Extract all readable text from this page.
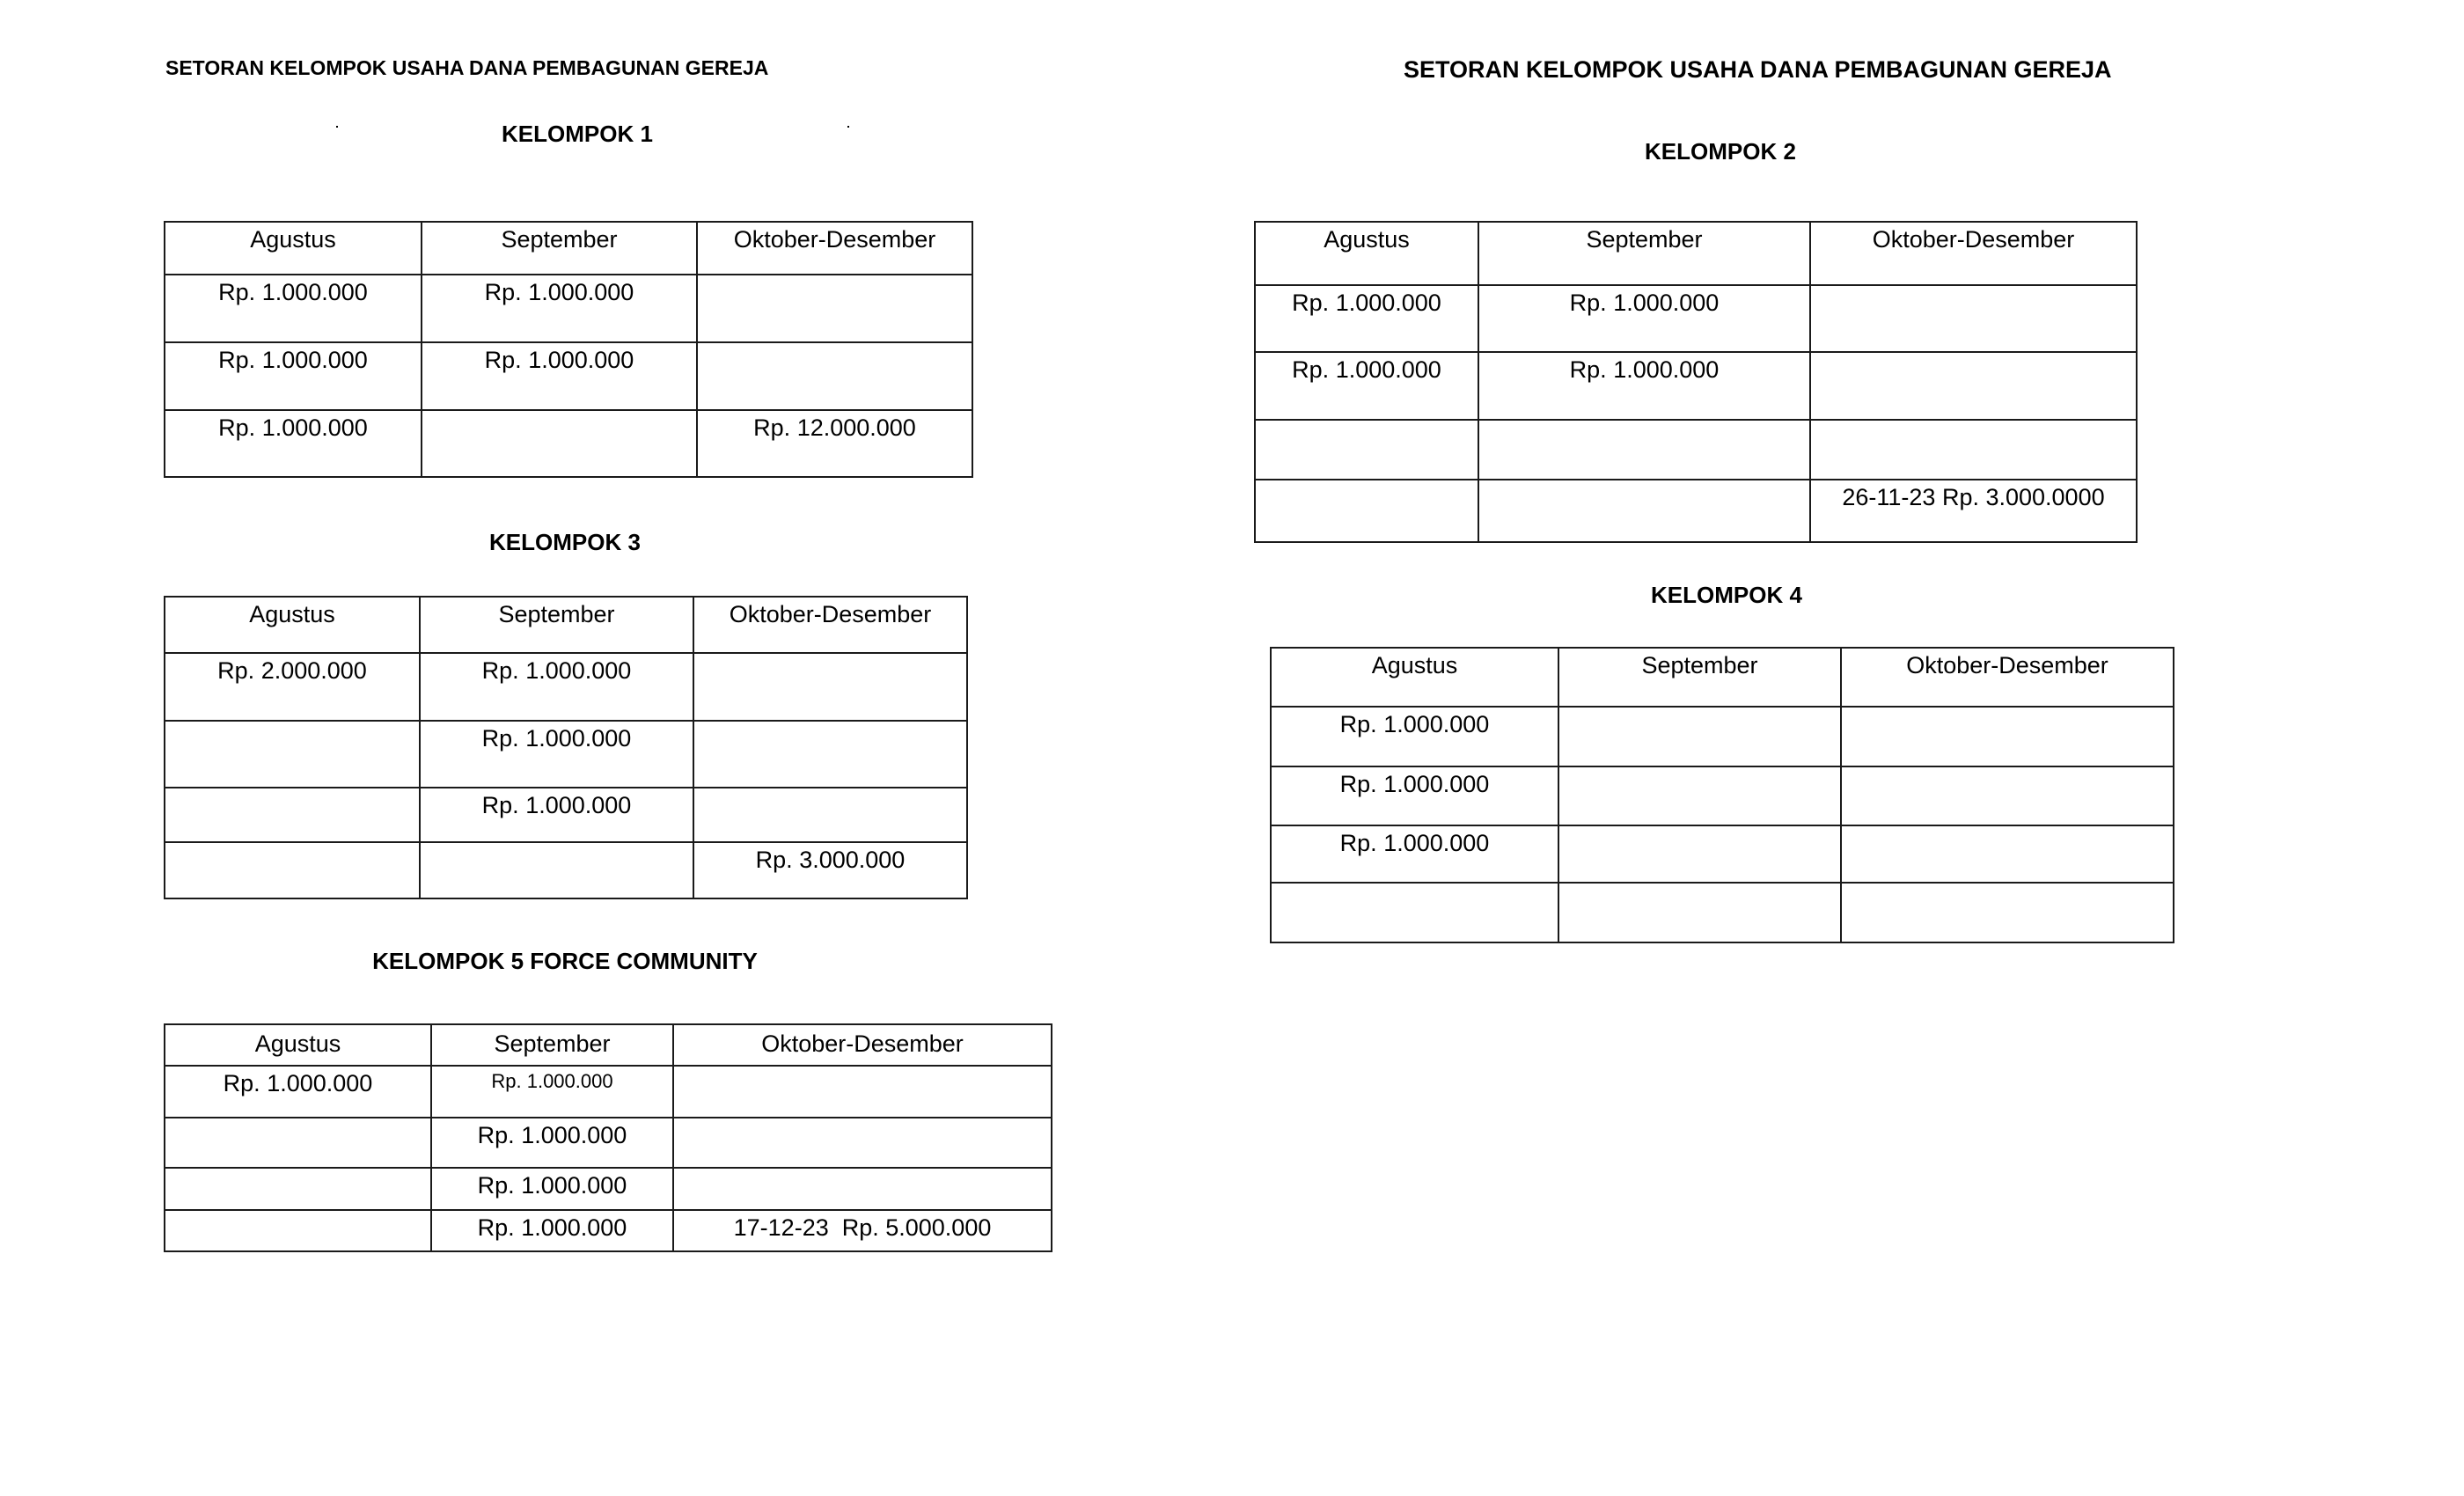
SETORAN KELOMPOK USAHA DANA PEMBAGUNAN GEREJA	SETORAN KELOMPOK USAHA DANA PEMBAGUNAN GEREJA
KELOMPOK 1
Agustus	September	Oktober-Desember
Rp. 1.000.000	Rp. 1.000.000	
Rp. 1.000.000	Rp. 1.000.000	
Rp. 1.000.000		Rp. 12.000.000
KELOMPOK 2
Agustus	September	Oktober-Desember
Rp. 1.000.000	Rp. 1.000.000	
Rp. 1.000.000	Rp. 1.000.000	

		26-11-23 Rp. 3.000.0000
KELOMPOK 3
Agustus	September	Oktober-Desember
Rp. 2.000.000	Rp. 1.000.000	
	Rp. 1.000.000	
	Rp. 1.000.000	
		Rp. 3.000.000
KELOMPOK 4
Agustus	September	Oktober-Desember
Rp. 1.000.000		
Rp. 1.000.000		
Rp. 1.000.000		

KELOMPOK 5 FORCE COMMUNITY
Agustus	September	Oktober-Desember
Rp. 1.000.000	Rp. 1.000.000	
	Rp. 1.000.000	
	Rp. 1.000.000	
	Rp. 1.000.000	17-12-23  Rp. 5.000.000
